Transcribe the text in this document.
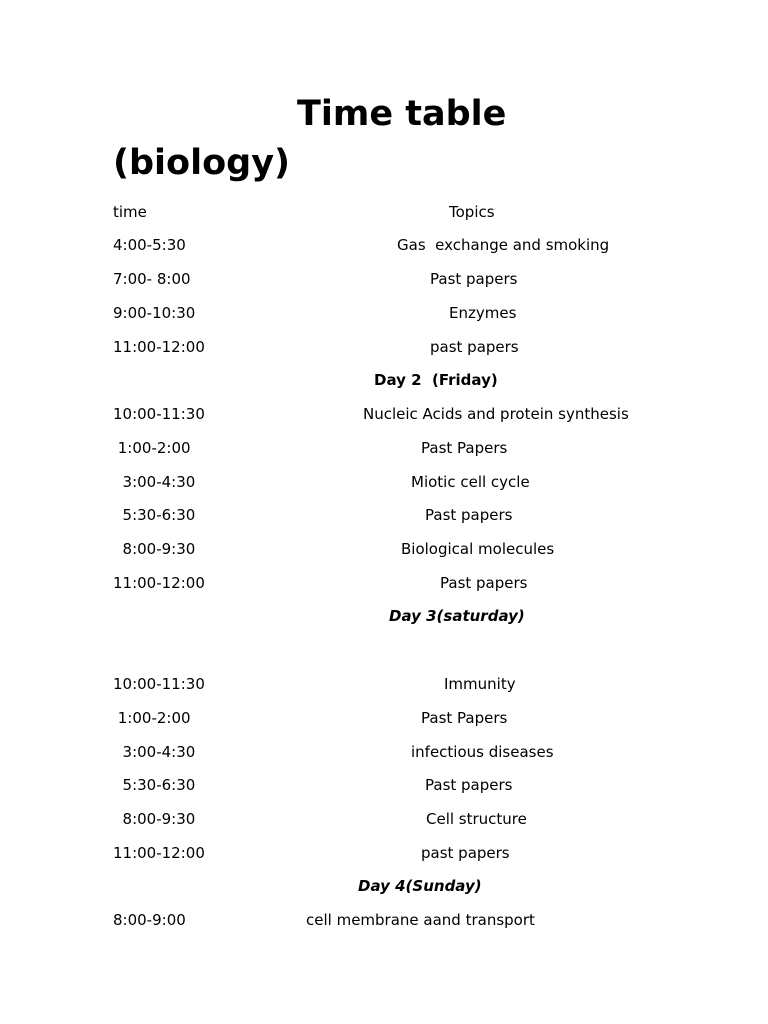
Time table
(biology)
time	Topics
4:00-5:30	Gas  exchange and smoking
7:00- 8:00	Past papers
9:00-10:30	Enzymes
11:00-12:00	past papers
Day 2  (Friday)
10:00-11:30	Nucleic Acids and protein synthesis
1:00-2:00	Past Papers
3:00-4:30	Miotic cell cycle
5:30-6:30	Past papers
8:00-9:30	Biological molecules
11:00-12:00	Past papers
Day 3(saturday)
10:00-11:30	Immunity
1:00-2:00	Past Papers
3:00-4:30	infectious diseases
5:30-6:30	Past papers
8:00-9:30	Cell structure
11:00-12:00	past papers
Day 4(Sunday)
8:00-9:00	cell membrane aand transport
